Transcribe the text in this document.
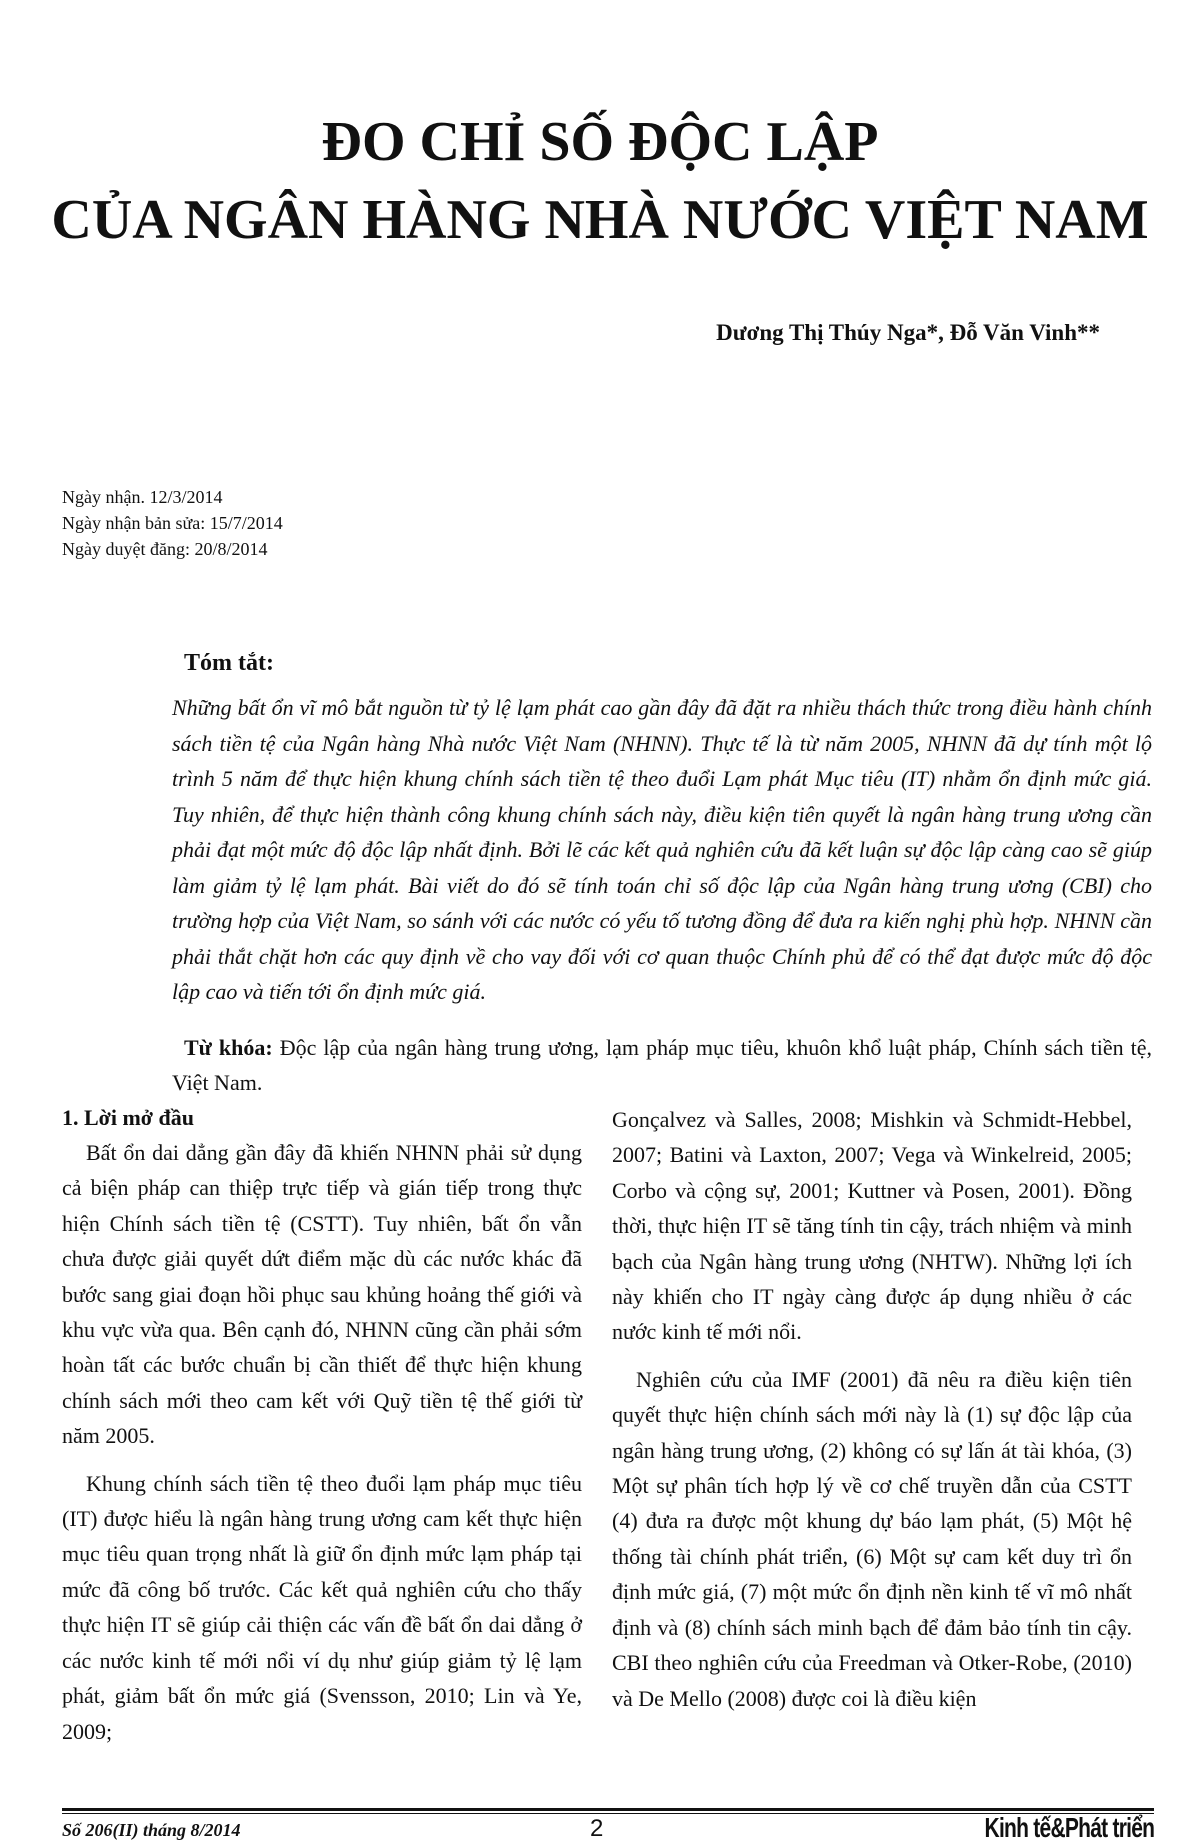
ĐO CHỈ SỐ ĐỘC LẬP
CỦA NGÂN HÀNG NHÀ NƯỚC VIỆT NAM
Dương Thị Thúy Nga*, Đỗ Văn Vinh**
Ngày nhận. 12/3/2014
Ngày nhận bản sửa: 15/7/2014
Ngày duyệt đăng: 20/8/2014
Tóm tắt:

Những bất ổn vĩ mô bắt nguồn từ tỷ lệ lạm phát cao gần đây đã đặt ra nhiều thách thức trong điều hành chính sách tiền tệ của Ngân hàng Nhà nước Việt Nam (NHNN). Thực tế là từ năm 2005, NHNN đã dự tính một lộ trình 5 năm để thực hiện khung chính sách tiền tệ theo đuổi Lạm phát Mục tiêu (IT) nhằm ổn định mức giá. Tuy nhiên, để thực hiện thành công khung chính sách này, điều kiện tiên quyết là ngân hàng trung ương cần phải đạt một mức độ độc lập nhất định. Bởi lẽ các kết quả nghiên cứu đã kết luận sự độc lập càng cao sẽ giúp làm giảm tỷ lệ lạm phát. Bài viết do đó sẽ tính toán chỉ số độc lập của Ngân hàng trung ương (CBI) cho trường hợp của Việt Nam, so sánh với các nước có yếu tố tương đồng để đưa ra kiến nghị phù hợp. NHNN cần phải thắt chặt hơn các quy định về cho vay đối với cơ quan thuộc Chính phủ để có thể đạt được mức độ độc lập cao và tiến tới ổn định mức giá.

Từ khóa: Độc lập của ngân hàng trung ương, lạm pháp mục tiêu, khuôn khổ luật pháp, Chính sách tiền tệ, Việt Nam.

1. Lời mở đầu

Bất ổn dai dẳng gần đây đã khiến NHNN phải sử dụng cả biện pháp can thiệp trực tiếp và gián tiếp trong thực hiện Chính sách tiền tệ (CSTT). Tuy nhiên, bất ổn vẫn chưa được giải quyết dứt điểm mặc dù các nước khác đã bước sang giai đoạn hồi phục sau khủng hoảng thế giới và khu vực vừa qua. Bên cạnh đó, NHNN cũng cần phải sớm hoàn tất các bước chuẩn bị cần thiết để thực hiện khung chính sách mới theo cam kết với Quỹ tiền tệ thế giới từ năm 2005.

Khung chính sách tiền tệ theo đuổi lạm pháp mục tiêu (IT) được hiểu là ngân hàng trung ương cam kết thực hiện mục tiêu quan trọng nhất là giữ ổn định mức lạm pháp tại mức đã công bố trước. Các kết quả nghiên cứu cho thấy thực hiện IT sẽ giúp cải thiện các vấn đề bất ổn dai dẳng ở các nước kinh tế mới nổi ví dụ như giúp giảm tỷ lệ lạm phát, giảm bất ổn mức giá (Svensson, 2010; Lin và Ye, 2009;

Gonçalvez và Salles, 2008; Mishkin và Schmidt-Hebbel, 2007; Batini và Laxton, 2007; Vega và Winkelreid, 2005; Corbo và cộng sự, 2001; Kuttner và Posen, 2001). Đồng thời, thực hiện IT sẽ tăng tính tin cậy, trách nhiệm và minh bạch của Ngân hàng trung ương (NHTW). Những lợi ích này khiến cho IT ngày càng được áp dụng nhiều ở các nước kinh tế mới nổi.

Nghiên cứu của IMF (2001) đã nêu ra điều kiện tiên quyết thực hiện chính sách mới này là (1) sự độc lập của ngân hàng trung ương, (2) không có sự lấn át tài khóa, (3) Một sự phân tích hợp lý về cơ chế truyền dẫn của CSTT (4) đưa ra được một khung dự báo lạm phát, (5) Một hệ thống tài chính phát triển, (6) Một sự cam kết duy trì ổn định mức giá, (7) một mức ổn định nền kinh tế vĩ mô nhất định và (8) chính sách minh bạch để đảm bảo tính tin cậy. CBI theo nghiên cứu của Freedman và Otker-Robe, (2010) và De Mello (2008) được coi là điều kiện

Số 206(II) tháng 8/2014	2	Kinh tế&Phát triển
